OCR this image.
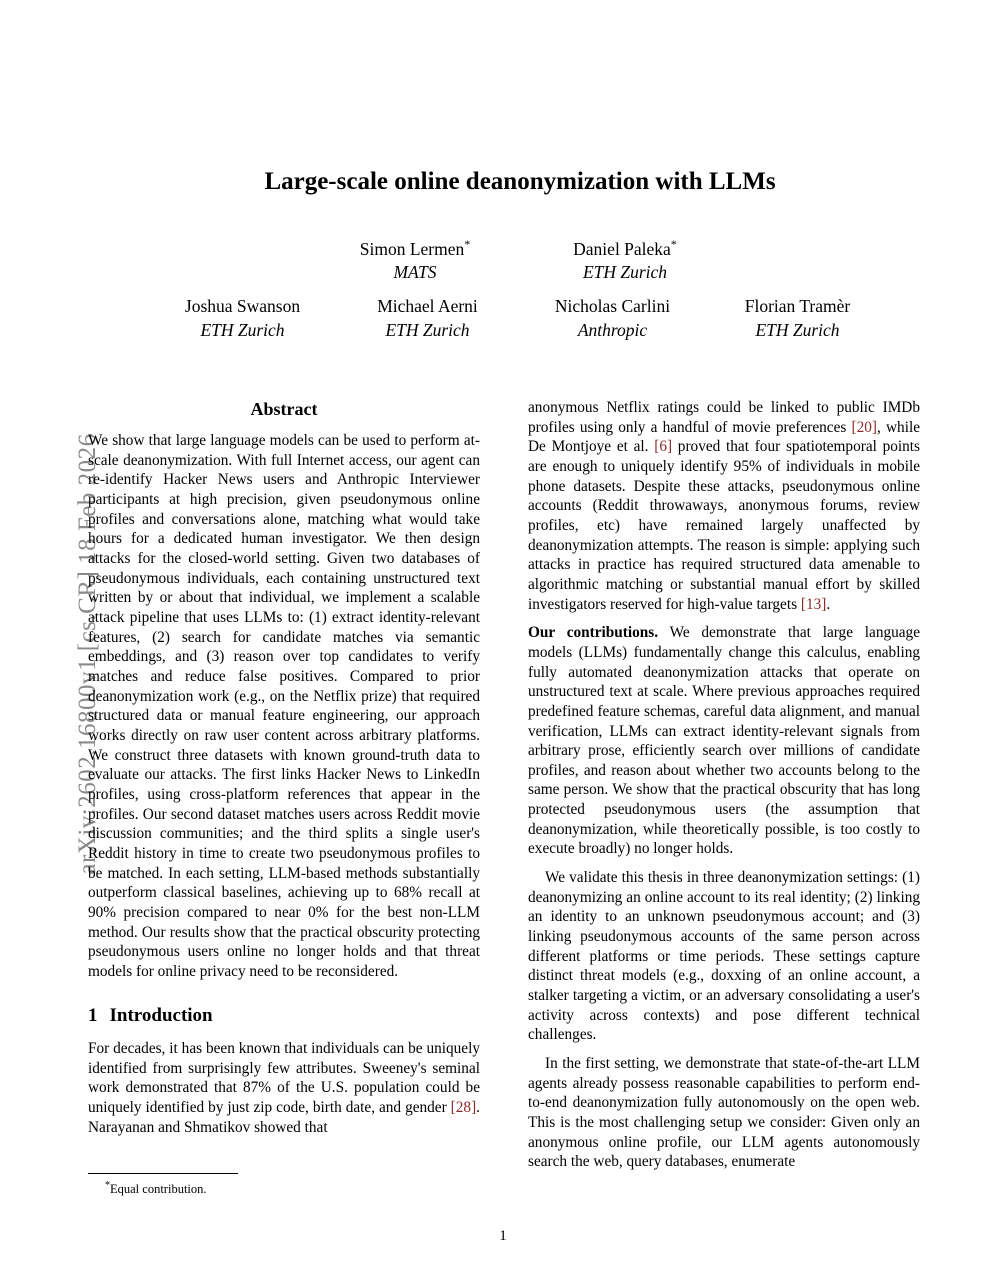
arXiv:2602.16800v1 [cs.CR] 18 Feb 2026
Large-scale online deanonymization with LLMs
Simon Lermen*
MATS
Daniel Paleka*
ETH Zurich
Joshua Swanson
ETH Zurich
Michael Aerni
ETH Zurich
Nicholas Carlini
Anthropic
Florian Tramèr
ETH Zurich
Abstract

We show that large language models can be used to perform at-scale deanonymization. With full Internet access, our agent can re-identify Hacker News users and Anthropic Interviewer participants at high precision, given pseudonymous online profiles and conversations alone, matching what would take hours for a dedicated human investigator. We then design attacks for the closed-world setting. Given two databases of pseudonymous individuals, each containing unstructured text written by or about that individual, we implement a scalable attack pipeline that uses LLMs to: (1) extract identity-relevant features, (2) search for candidate matches via semantic embeddings, and (3) reason over top candidates to verify matches and reduce false positives. Compared to prior deanonymization work (e.g., on the Netflix prize) that required structured data or manual feature engineering, our approach works directly on raw user content across arbitrary platforms. We construct three datasets with known ground-truth data to evaluate our attacks. The first links Hacker News to LinkedIn profiles, using cross-platform references that appear in the profiles. Our second dataset matches users across Reddit movie discussion communities; and the third splits a single user's Reddit history in time to create two pseudonymous profiles to be matched. In each setting, LLM-based methods substantially outperform classical baselines, achieving up to 68% recall at 90% precision compared to near 0% for the best non-LLM method. Our results show that the practical obscurity protecting pseudonymous users online no longer holds and that threat models for online privacy need to be reconsidered.

1 Introduction

For decades, it has been known that individuals can be uniquely identified from surprisingly few attributes. Sweeney's seminal work demonstrated that 87% of the U.S. population could be uniquely identified by just zip code, birth date, and gender [28]. Narayanan and Shmatikov showed that

anonymous Netflix ratings could be linked to public IMDb profiles using only a handful of movie preferences [20], while De Montjoye et al. [6] proved that four spatiotemporal points are enough to uniquely identify 95% of individuals in mobile phone datasets. Despite these attacks, pseudonymous online accounts (Reddit throwaways, anonymous forums, review profiles, etc) have remained largely unaffected by deanonymization attempts. The reason is simple: applying such attacks in practice has required structured data amenable to algorithmic matching or substantial manual effort by skilled investigators reserved for high-value targets [13].

Our contributions. We demonstrate that large language models (LLMs) fundamentally change this calculus, enabling fully automated deanonymization attacks that operate on unstructured text at scale. Where previous approaches required predefined feature schemas, careful data alignment, and manual verification, LLMs can extract identity-relevant signals from arbitrary prose, efficiently search over millions of candidate profiles, and reason about whether two accounts belong to the same person. We show that the practical obscurity that has long protected pseudonymous users (the assumption that deanonymization, while theoretically possible, is too costly to execute broadly) no longer holds.

We validate this thesis in three deanonymization settings: (1) deanonymizing an online account to its real identity; (2) linking an identity to an unknown pseudonymous account; and (3) linking pseudonymous accounts of the same person across different platforms or time periods. These settings capture distinct threat models (e.g., doxxing of an online account, a stalker targeting a victim, or an adversary consolidating a user's activity across contexts) and pose different technical challenges.

In the first setting, we demonstrate that state-of-the-art LLM agents already possess reasonable capabilities to perform end-to-end deanonymization fully autonomously on the open web. This is the most challenging setup we consider: Given only an anonymous online profile, our LLM agents autonomously search the web, query databases, enumerate

*Equal contribution.
1
